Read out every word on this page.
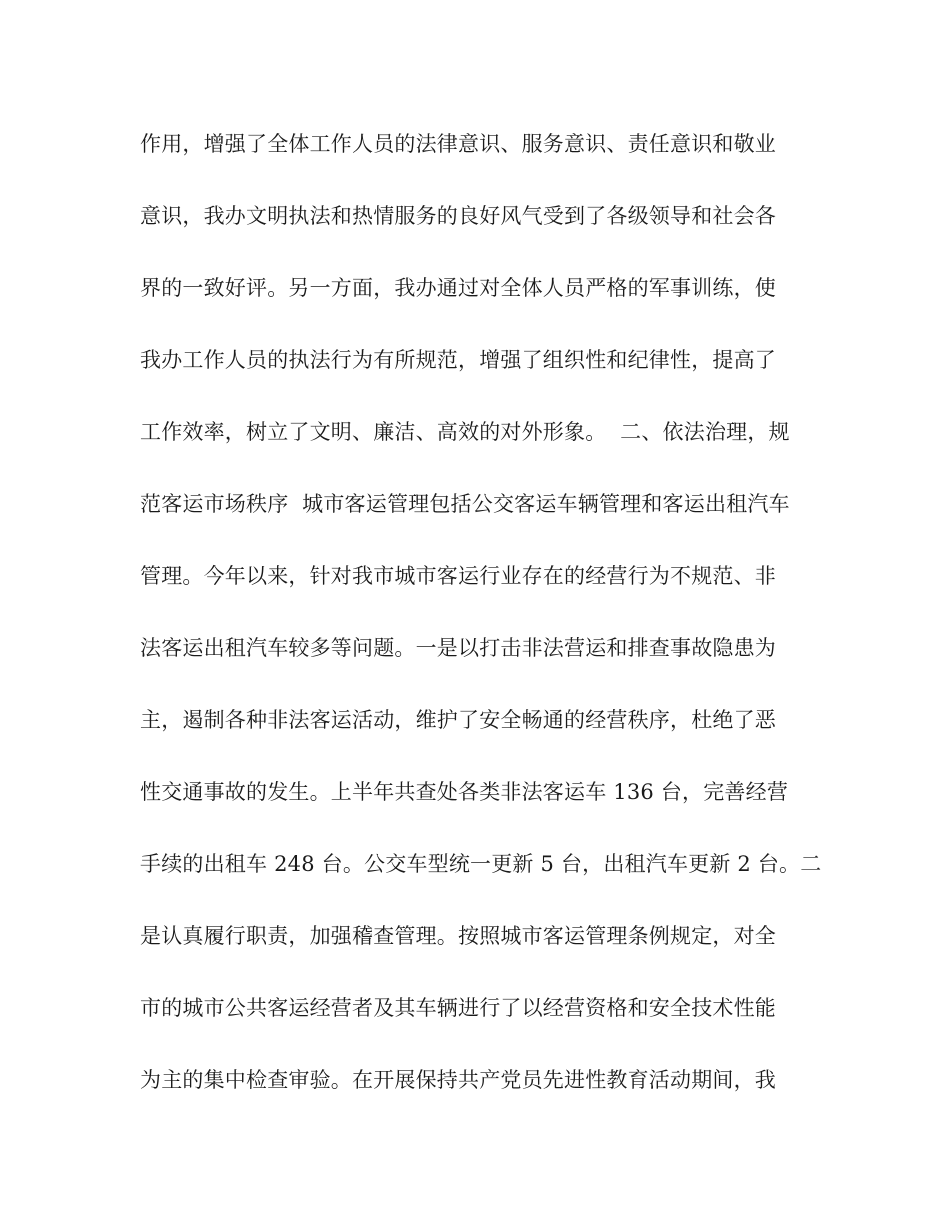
作用，增强了全体工作人员的法律意识、服务意识、责任意识和敬业
意识，我办文明执法和热情服务的良好风气受到了各级领导和社会各
界的一致好评。另一方面，我办通过对全体人员严格的军事训练，使
我办工作人员的执法行为有所规范，增强了组织性和纪律性，提高了
工作效率，树立了文明、廉洁、高效的对外形象。  二、依法治理，规
范客运市场秩序  城市客运管理包括公交客运车辆管理和客运出租汽车
管理。今年以来，针对我市城市客运行业存在的经营行为不规范、非
法客运出租汽车较多等问题。一是以打击非法营运和排查事故隐患为
主，遏制各种非法客运活动，维护了安全畅通的经营秩序，杜绝了恶
性交通事故的发生。上半年共查处各类非法客运车 136 台，完善经营
手续的出租车 248 台。公交车型统一更新 5 台，出租汽车更新 2 台。二
是认真履行职责，加强稽查管理。按照城市客运管理条例规定，对全
市的城市公共客运经营者及其车辆进行了以经营资格和安全技术性能
为主的集中检查审验。在开展保持共产党员先进性教育活动期间，我
